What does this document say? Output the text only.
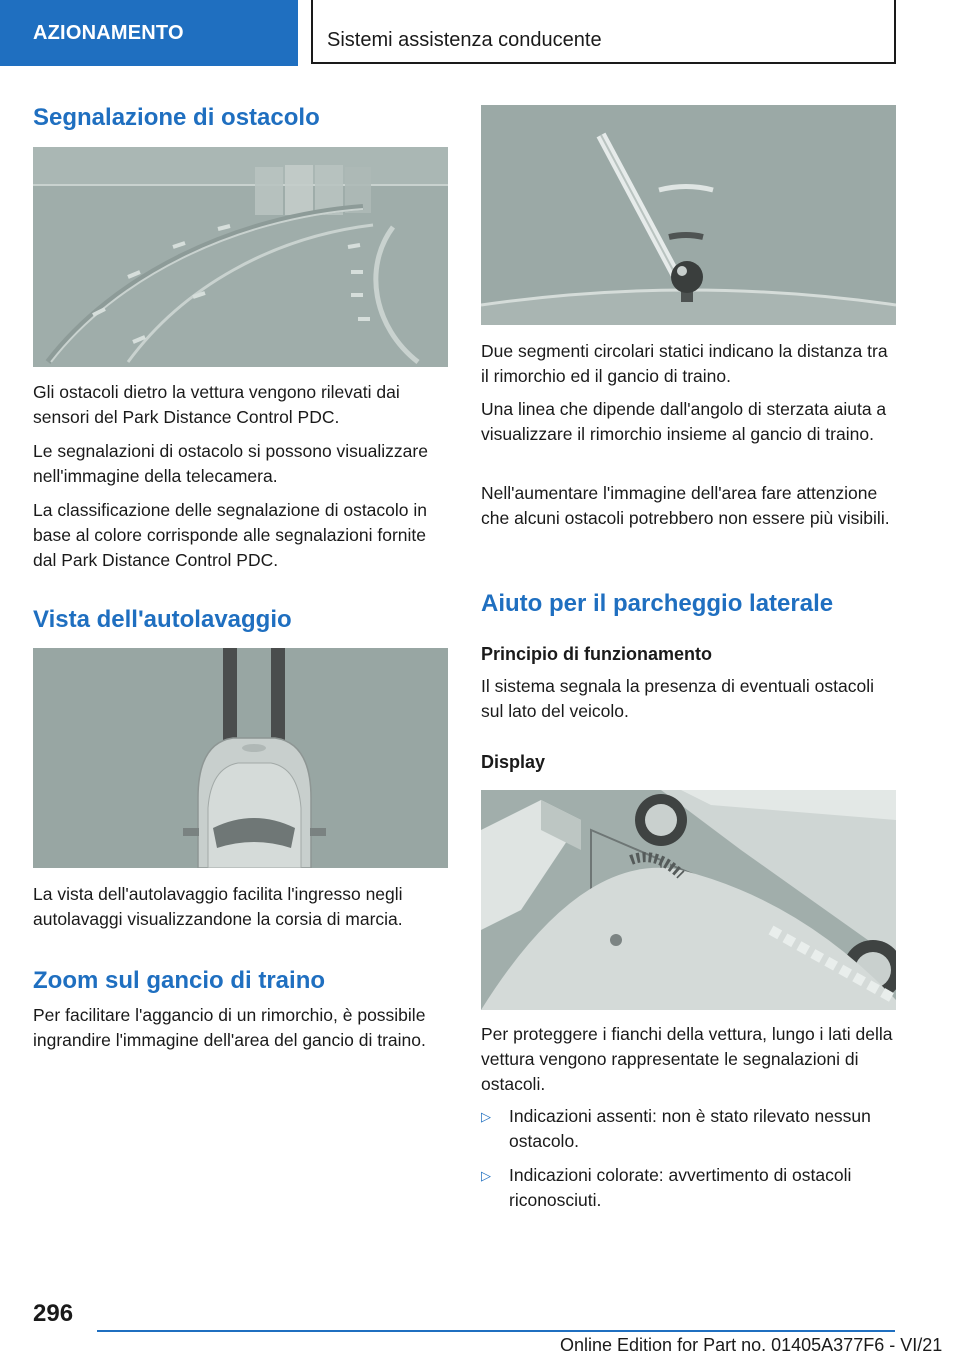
AZIONAMENTO	Sistemi assistenza conducente
Segnalazione di ostacolo

Gli ostacoli dietro la vettura vengono rilevati dai sensori del Park Distance Control PDC.

Le segnalazioni di ostacolo si possono visualizzare nell'immagine della telecamera.

La classificazione delle segnalazione di ostacolo in base al colore corrisponde alle segnalazioni fornite dal Park Distance Control PDC.

Vista dell'autolavaggio

La vista dell'autolavaggio facilita l'ingresso negli autolavaggi visualizzandone la corsia di marcia.

Zoom sul gancio di traino

Per facilitare l'aggancio di un rimorchio, è possibile ingrandire l'immagine dell'area del gancio di traino.

Due segmenti circolari statici indicano la distanza tra il rimorchio ed il gancio di traino.

Una linea che dipende dall'angolo di sterzata aiuta a visualizzare il rimorchio insieme al gancio di traino.

Nell'aumentare l'immagine dell'area fare attenzione che alcuni ostacoli potrebbero non essere più visibili.

Aiuto per il parcheggio laterale
Principio di funzionamento

Il sistema segnala la presenza di eventuali ostacoli sul lato del veicolo.

Display

Per proteggere i fianchi della vettura, lungo i lati della vettura vengono rappresentate le segnalazioni di ostacoli.

▷ Indicazioni assenti: non è stato rilevato nessun ostacolo.
▷ Indicazioni colorate: avvertimento di ostacoli riconosciuti.
296
Online Edition for Part no. 01405A377F6 - VI/21
